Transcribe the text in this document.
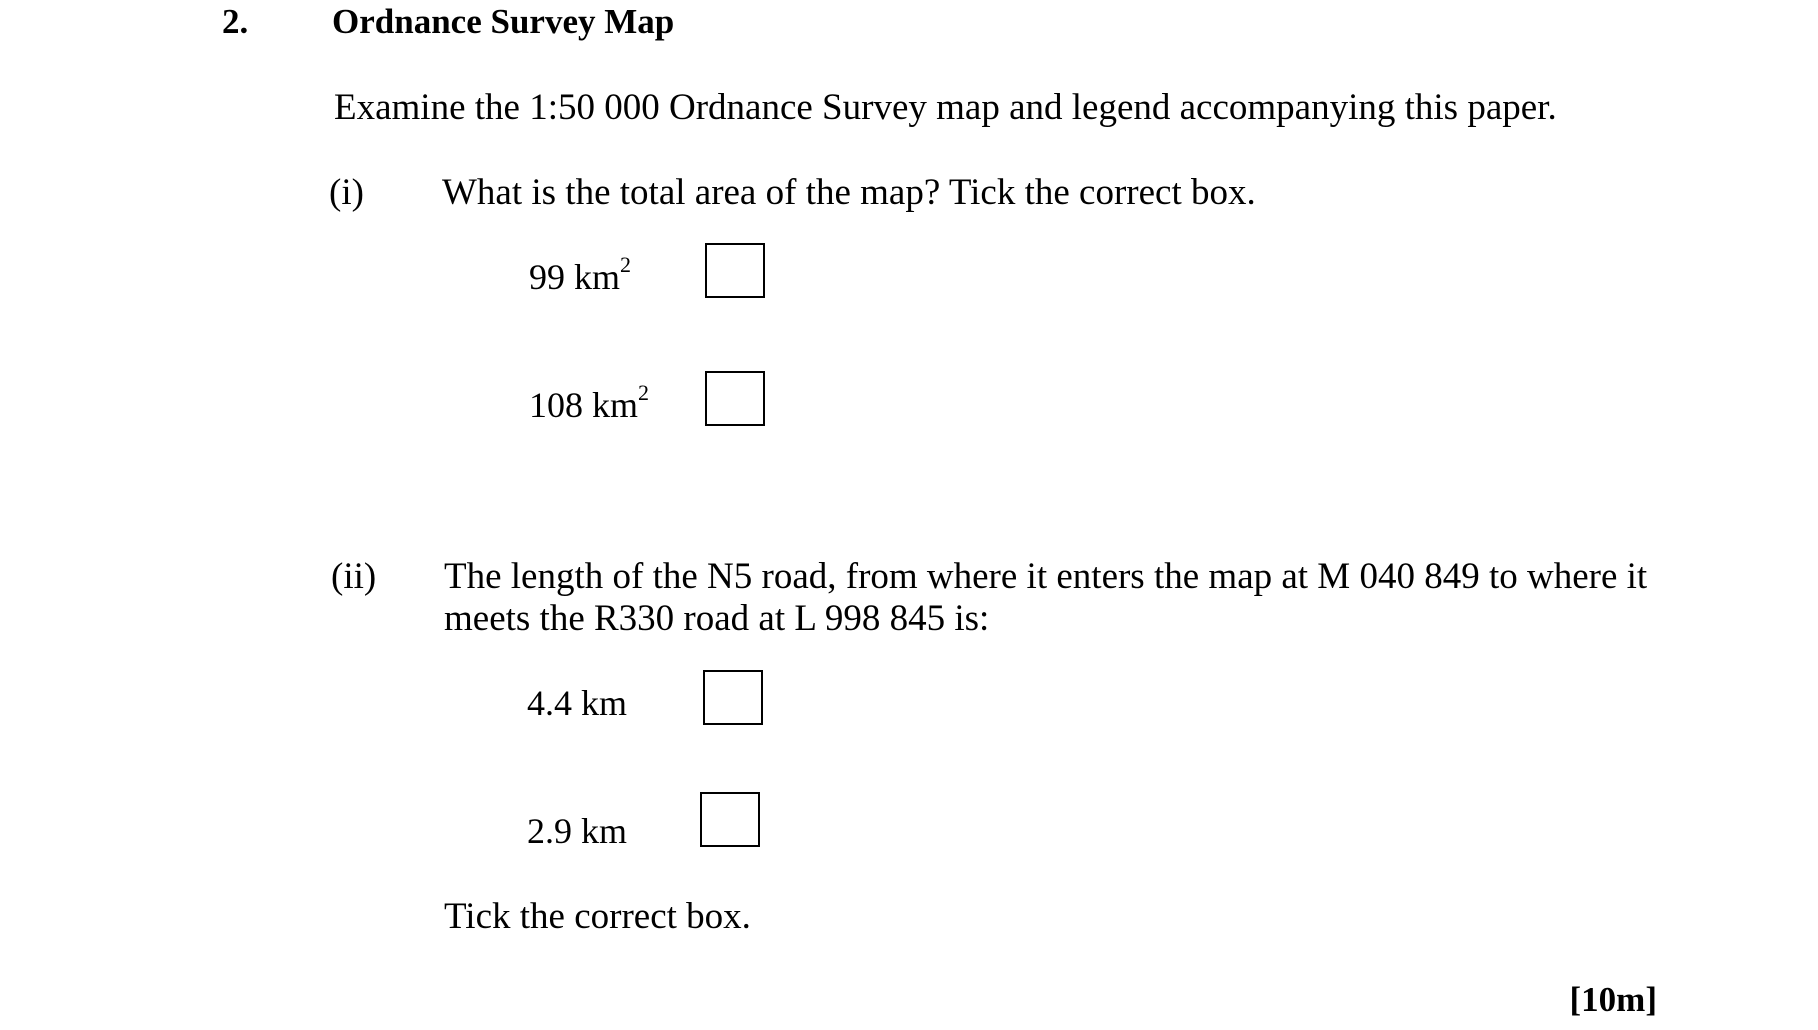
2. Ordnance Survey Map
Examine the 1:50 000 Ordnance Survey map and legend accompanying this paper.
(i) What is the total area of the map? Tick the correct box.
99 $km^2$
108 $km^2$
(ii) The length of the N5 road, from where it enters the map at M 040 849 to where it
meets the R330 road at L 998 845 is:
4.4 km
2.9 km
Tick the correct box.
[10m]
